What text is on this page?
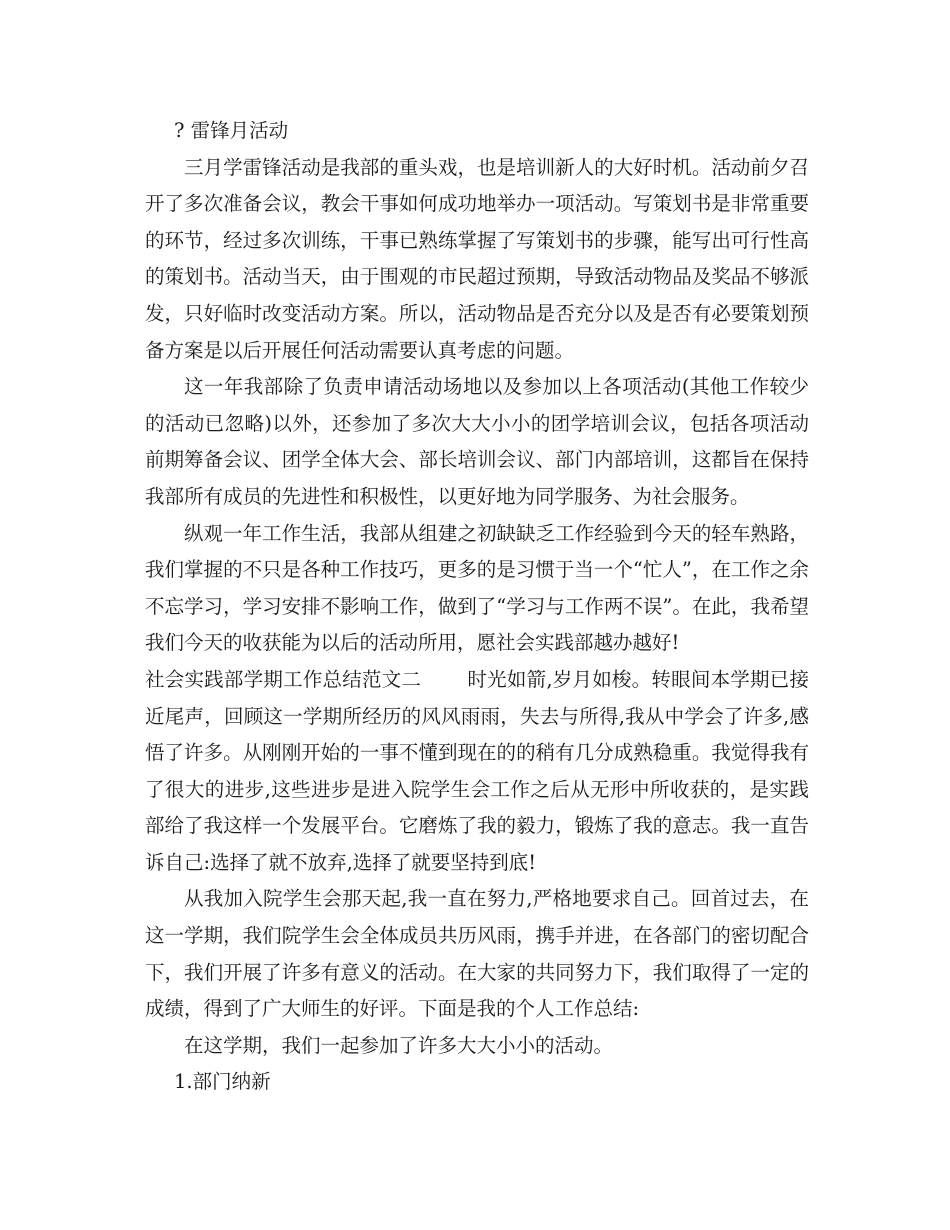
? 雷锋月活动

三月学雷锋活动是我部的重头戏，也是培训新人的大好时机。活动前夕召开了多次准备会议，教会干事如何成功地举办一项活动。写策划书是非常重要的环节，经过多次训练，干事已熟练掌握了写策划书的步骤，能写出可行性高的策划书。活动当天，由于围观的市民超过预期，导致活动物品及奖品不够派发，只好临时改变活动方案。所以，活动物品是否充分以及是否有必要策划预备方案是以后开展任何活动需要认真考虑的问题。

这一年我部除了负责申请活动场地以及参加以上各项活动(其他工作较少的活动已忽略)以外，还参加了多次大大小小的团学培训会议，包括各项活动前期筹备会议、团学全体大会、部长培训会议、部门内部培训，这都旨在保持我部所有成员的先进性和积极性，以更好地为同学服务、为社会服务。

纵观一年工作生活，我部从组建之初缺缺乏工作经验到今天的轻车熟路，我们掌握的不只是各种工作技巧，更多的是习惯于当一个“忙人”，在工作之余不忘学习，学习安排不影响工作，做到了“学习与工作两不误”。在此，我希望我们今天的收获能为以后的活动所用，愿社会实践部越办越好!

社会实践部学期工作总结范文二 时光如箭,岁月如梭。转眼间本学期已接近尾声，回顾这一学期所经历的风风雨雨，失去与所得,我从中学会了许多,感悟了许多。从刚刚开始的一事不懂到现在的的稍有几分成熟稳重。我觉得我有了很大的进步,这些进步是进入院学生会工作之后从无形中所收获的，是实践部给了我这样一个发展平台。它磨炼了我的毅力，锻炼了我的意志。我一直告诉自己:选择了就不放弃,选择了就要坚持到底!

从我加入院学生会那天起,我一直在努力,严格地要求自己。回首过去，在这一学期，我们院学生会全体成员共历风雨，携手并进，在各部门的密切配合下，我们开展了许多有意义的活动。在大家的共同努力下，我们取得了一定的成绩，得到了广大师生的好评。下面是我的个人工作总结:

在这学期，我们一起参加了许多大大小小的活动。

1.部门纳新
